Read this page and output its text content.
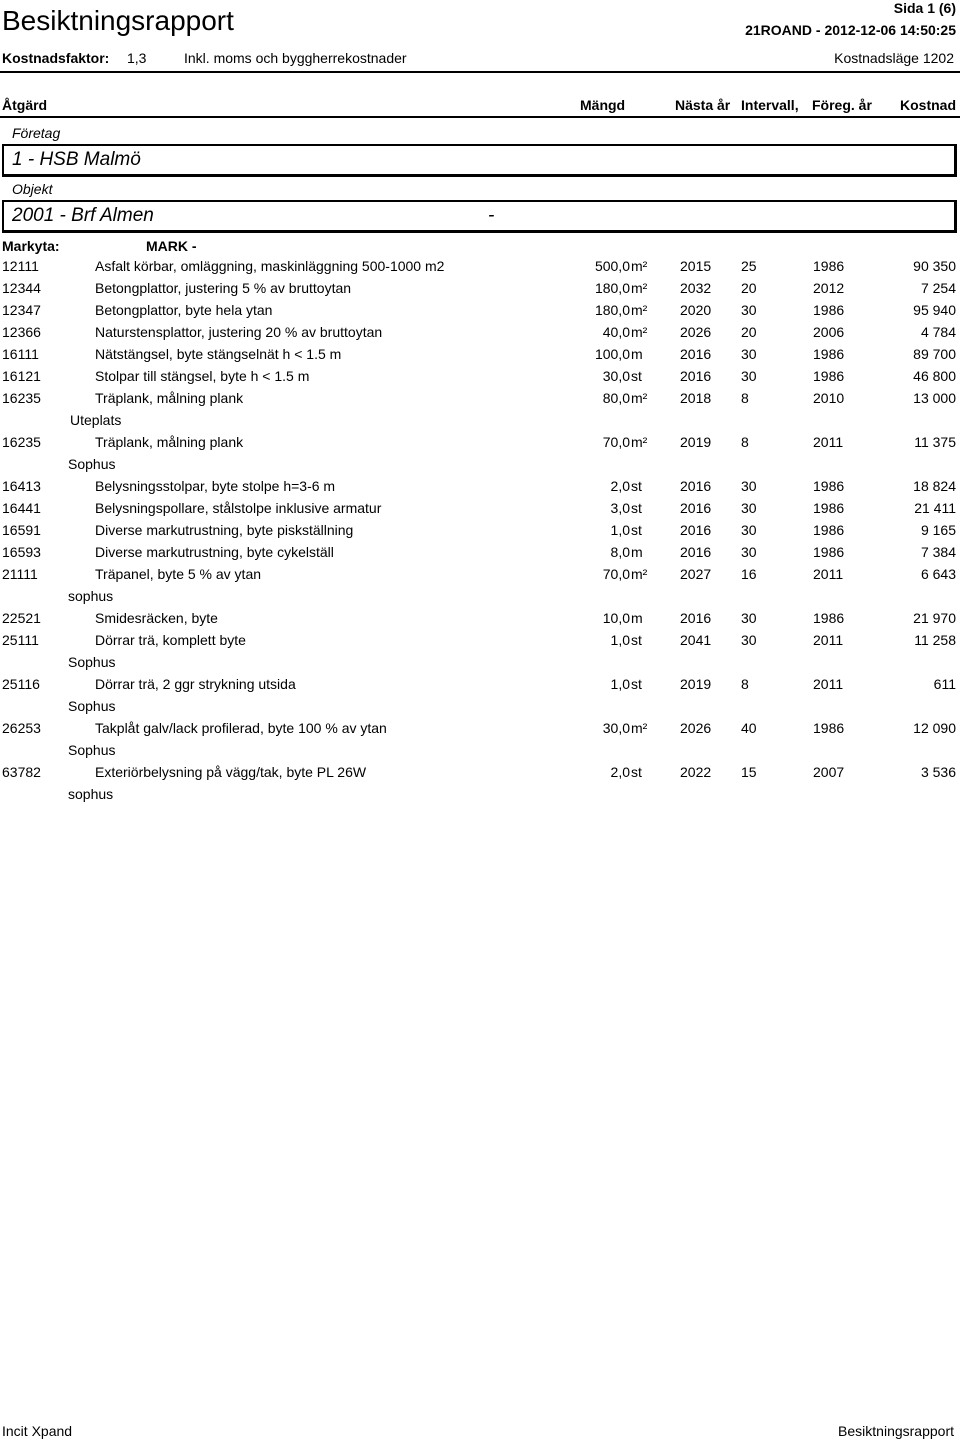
Besiktningsrapport	Sida 1 (6)
21ROAND - 2012-12-06 14:50:25
Kostnadsfaktor: 1,3	Inkl. moms och byggherrekostnader	Kostnadsläge 1202
Åtgärd	Mängd	Nästa år Intervall, Föreg. år Kostnad
Företag
1 - HSB Malmö
Objekt
2001 - Brf Almen	-
Markyta:	MARK -
12111	Asfalt körbar, omläggning, maskinläggning 500-1000 m2	500,0 m² 2015 25	1986	90 350
12344	Betongplattor, justering 5 % av bruttoytan	180,0 m² 2032 20	2012	7 254
12347	Betongplattor, byte hela ytan	180,0 m² 2020 30	1986	95 940
12366	Naturstensplattor, justering 20 % av bruttoytan	40,0 m² 2026 20	2006	4 784
16111	Nätstängsel, byte stängselnät h < 1.5 m	100,0 m	2016 30	1986	89 700
16121	Stolpar till stängsel, byte h < 1.5 m	30,0 st	2016 30	1986	46 800
16235	Träplank, målning plank	80,0 m² 2018 8	2010	13 000
Uteplats
16235	Träplank, målning plank	70,0 m² 2019 8	2011	11 375
Sophus
16413	Belysningsstolpar, byte stolpe h=3-6 m	2,0 st	2016 30	1986	18 824
16441	Belysningspollare, stålstolpe inklusive armatur	3,0 st	2016 30	1986	21 411
16591	Diverse markutrustning, byte piskställning	1,0 st	2016 30	1986	9 165
16593	Diverse markutrustning, byte cykelställ	8,0 m	2016 30	1986	7 384
21111	Träpanel, byte 5 % av ytan	70,0 m² 2027 16	2011	6 643
sophus
22521	Smidesräcken, byte	10,0 m	2016 30	1986	21 970
25111	Dörrar trä, komplett byte	1,0 st	2041 30	2011	11 258
Sophus
25116	Dörrar trä, 2 ggr strykning utsida	1,0 st	2019 8	2011	611
Sophus
26253	Takplåt galv/lack profilerad, byte 100 % av ytan	30,0 m² 2026 40	1986	12 090
Sophus
63782	Exteriörbelysning på vägg/tak, byte PL 26W	2,0 st	2022 15	2007	3 536
sophus
Incit Xpand	Besiktningsrapport
